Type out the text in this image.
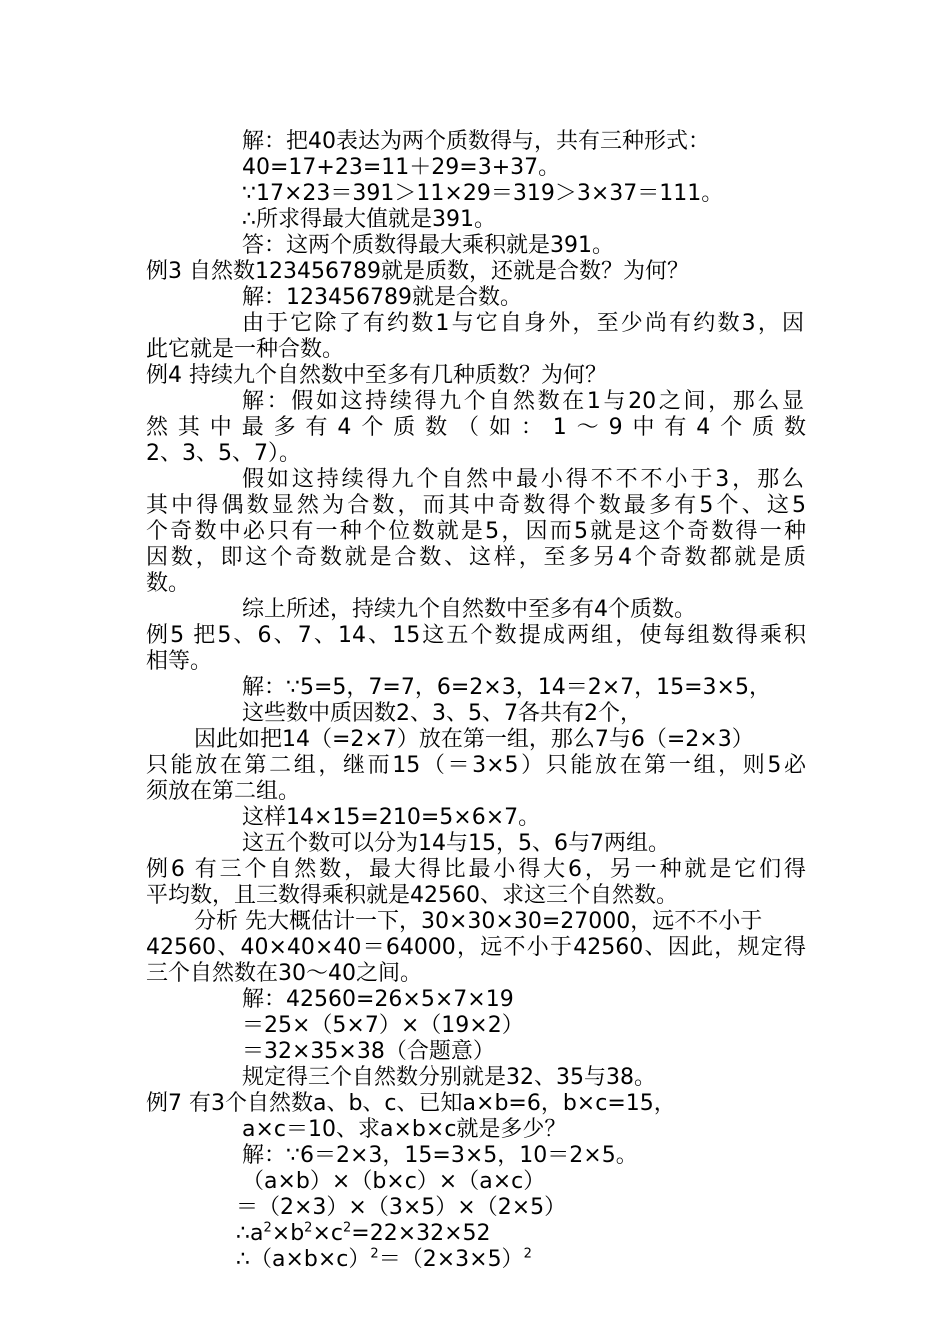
解：把40表达为两个质数得与，共有三种形式：
40=17+23=11＋29=3+37。
∵17×23＝391＞11×29＝319＞3×37＝111。
∴所求得最大值就是391。
答：这两个质数得最大乘积就是391。
例3 自然数123456789就是质数，还就是合数？为何？
解：123456789就是合数。
由于它除了有约数1与它自身外，至少尚有约数3，因
此它就是一种合数。
例4 持续九个自然数中至多有几种质数？为何？
解：假如这持续得九个自然数在1与20之间，那么显
然其中最多有4个质数（如：1～9中有4个质数
2、3、5、7）。
假如这持续得九个自然中最小得不不不小于3，那么
其中得偶数显然为合数，而其中奇数得个数最多有5个、这5
个奇数中必只有一种个位数就是5，因而5就是这个奇数得一种
因数，即这个奇数就是合数、这样，至多另4个奇数都就是质
数。
综上所述，持续九个自然数中至多有4个质数。
例5 把5、6、7、14、15这五个数提成两组，使每组数得乘积
相等。
解：∵5=5，7=7，6=2×3，14＝2×7，15=3×5，
这些数中质因数2、3、5、7各共有2个，
因此如把14（=2×7）放在第一组，那么7与6（=2×3）
只能放在第二组，继而15（＝3×5）只能放在第一组，则5必
须放在第二组。
这样14×15=210=5×6×7。
这五个数可以分为14与15，5、6与7两组。
例6 有三个自然数，最大得比最小得大6，另一种就是它们得
平均数，且三数得乘积就是42560、求这三个自然数。
分析 先大概估计一下，30×30×30=27000，远不不小于
42560、40×40×40＝64000，远不小于42560、因此，规定得
三个自然数在30～40之间。
解：42560=26×5×7×19
＝25×（5×7）×（19×2）
＝32×35×38（合题意）
规定得三个自然数分别就是32、35与38。
例7 有3个自然数a、b、c、已知a×b=6，b×c=15，
a×c＝10、求a×b×c就是多少？
解：∵6＝2×3，15=3×5，10＝2×5。
（a×b）×（b×c）×（a×c）
＝（2×3）×（3×5）×（2×5）
$\therefore a^2\times b^2\times c^2=22\times 32\times 52$
$\therefore(a\times b\times c)^2=(2\times 3\times 5)^2$
